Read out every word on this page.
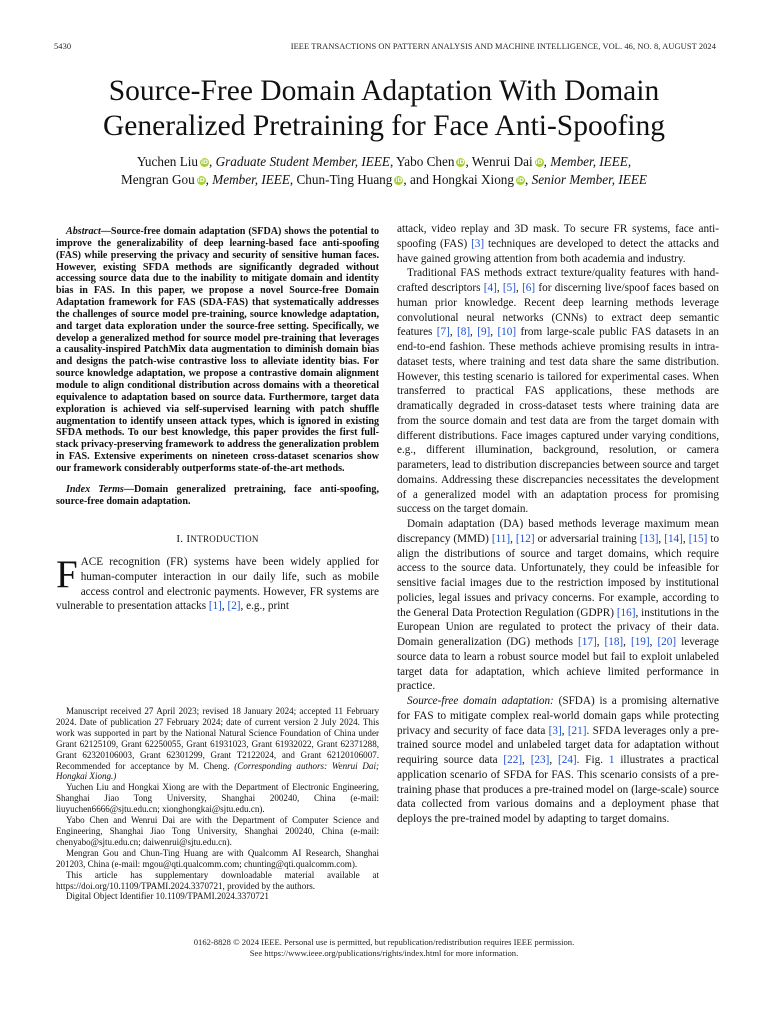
5430	IEEE TRANSACTIONS ON PATTERN ANALYSIS AND MACHINE INTELLIGENCE, VOL. 46, NO. 8, AUGUST 2024
Source-Free Domain Adaptation With Domain
Generalized Pretraining for Face Anti-Spoofing
Yuchen Liu iD, Graduate Student Member, IEEE, Yabo Chen iD, Wenrui Dai iD, Member, IEEE,
Mengran Gou iD, Member, IEEE, Chun-Ting Huang iD, and Hongkai Xiong iD, Senior Member, IEEE

Abstract—Source-free domain adaptation (SFDA) shows the potential to improve the generalizability of deep learning-based face anti-spoofing (FAS) while preserving the privacy and security of sensitive human faces. However, existing SFDA methods are significantly degraded without accessing source data due to the inability to mitigate domain and identity bias in FAS. In this paper, we propose a novel Source-free Domain Adaptation framework for FAS (SDA-FAS) that systematically addresses the challenges of source model pre-training, source knowledge adaptation, and target data exploration under the source-free setting. Specifically, we develop a generalized method for source model pre-training that leverages a causality-inspired PatchMix data augmentation to diminish domain bias and designs the patch-wise contrastive loss to alleviate identity bias. For source knowledge adaptation, we propose a contrastive domain alignment module to align conditional distribution across domains with a theoretical equivalence to adaptation based on source data. Furthermore, target data exploration is achieved via self-supervised learning with patch shuffle augmentation to identify unseen attack types, which is ignored in existing SFDA methods. To our best knowledge, this paper provides the first full-stack privacy-preserving framework to address the generalization problem in FAS. Extensive experiments on nineteen cross-dataset scenarios show our framework considerably outperforms state-of-the-art methods.

Index Terms—Domain generalized pretraining, face anti-spoofing, source-free domain adaptation.

I. INTRODUCTION

FACE recognition (FR) systems have been widely applied for human-computer interaction in our daily life, such as mobile access control and electronic payments. However, FR systems are vulnerable to presentation attacks [1], [2], e.g., print

Manuscript received 27 April 2023; revised 18 January 2024; accepted 11 February 2024. Date of publication 27 February 2024; date of current version 2 July 2024. This work was supported in part by the National Natural Science Foundation of China under Grant 62125109, Grant 62250055, Grant 61931023, Grant 61932022, Grant 62371288, Grant 62320106003, Grant 62301299, Grant T2122024, and Grant 62120106007. Recommended for acceptance by M. Cheng. (Corresponding authors: Wenrui Dai; Hongkai Xiong.)

Yuchen Liu and Hongkai Xiong are with the Department of Electronic Engineering, Shanghai Jiao Tong University, Shanghai 200240, China (e-mail: liuyuchen6666@sjtu.edu.cn; xionghongkai@sjtu.edu.cn).

Yabo Chen and Wenrui Dai are with the Department of Computer Science and Engineering, Shanghai Jiao Tong University, Shanghai 200240, China (e-mail: chenyabo@sjtu.edu.cn; daiwenrui@sjtu.edu.cn).

Mengran Gou and Chun-Ting Huang are with Qualcomm AI Research, Shanghai 201203, China (e-mail: mgou@qti.qualcomm.com; chunting@qti.qualcomm.com).

This article has supplementary downloadable material available at https://doi.org/10.1109/TPAMI.2024.3370721, provided by the authors.

Digital Object Identifier 10.1109/TPAMI.2024.3370721

attack, video replay and 3D mask. To secure FR systems, face anti-spoofing (FAS) [3] techniques are developed to detect the attacks and have gained growing attention from both academia and industry.

Traditional FAS methods extract texture/quality features with hand-crafted descriptors [4], [5], [6] for discerning live/spoof faces based on human prior knowledge. Recent deep learning methods leverage convolutional neural networks (CNNs) to extract deep semantic features [7], [8], [9], [10] from large-scale public FAS datasets in an end-to-end fashion. These methods achieve promising results in intra-dataset tests, where training and test data share the same distribution. However, this testing scenario is tailored for experimental cases. When transferred to practical FAS applications, these methods are dramatically degraded in cross-dataset tests where training data are from the source domain and test data are from the target domain with different distributions. Face images captured under varying conditions, e.g., different illumination, background, resolution, or camera parameters, lead to distribution discrepancies between source and target domains. Addressing these discrepancies necessitates the development of a generalized model with an adaptation process for promising success on the target domain.

Domain adaptation (DA) based methods leverage maximum mean discrepancy (MMD) [11], [12] or adversarial training [13], [14], [15] to align the distributions of source and target domains, which require access to the source data. Unfortunately, they could be infeasible for sensitive facial images due to the restriction imposed by institutional policies, legal issues and privacy concerns. For example, according to the General Data Protection Regulation (GDPR) [16], institutions in the European Union are regulated to protect the privacy of their data. Domain generalization (DG) methods [17], [18], [19], [20] leverage source data to learn a robust source model but fail to exploit unlabeled target data for adaptation, which achieve limited performance in practice.

Source-free domain adaptation: (SFDA) is a promising alternative for FAS to mitigate complex real-world domain gaps while protecting privacy and security of face data [3], [21]. SFDA leverages only a pre-trained source model and unlabeled target data for adaptation without requiring source data [22], [23], [24]. Fig. 1 illustrates a practical application scenario of SFDA for FAS. This scenario consists of a pre-training phase that produces a pre-trained model on (large-scale) source data collected from various domains and a deployment phase that deploys the pre-trained model by adapting to target domains.

0162-8828 © 2024 IEEE. Personal use is permitted, but republication/redistribution requires IEEE permission.
See https://www.ieee.org/publications/rights/index.html for more information.
